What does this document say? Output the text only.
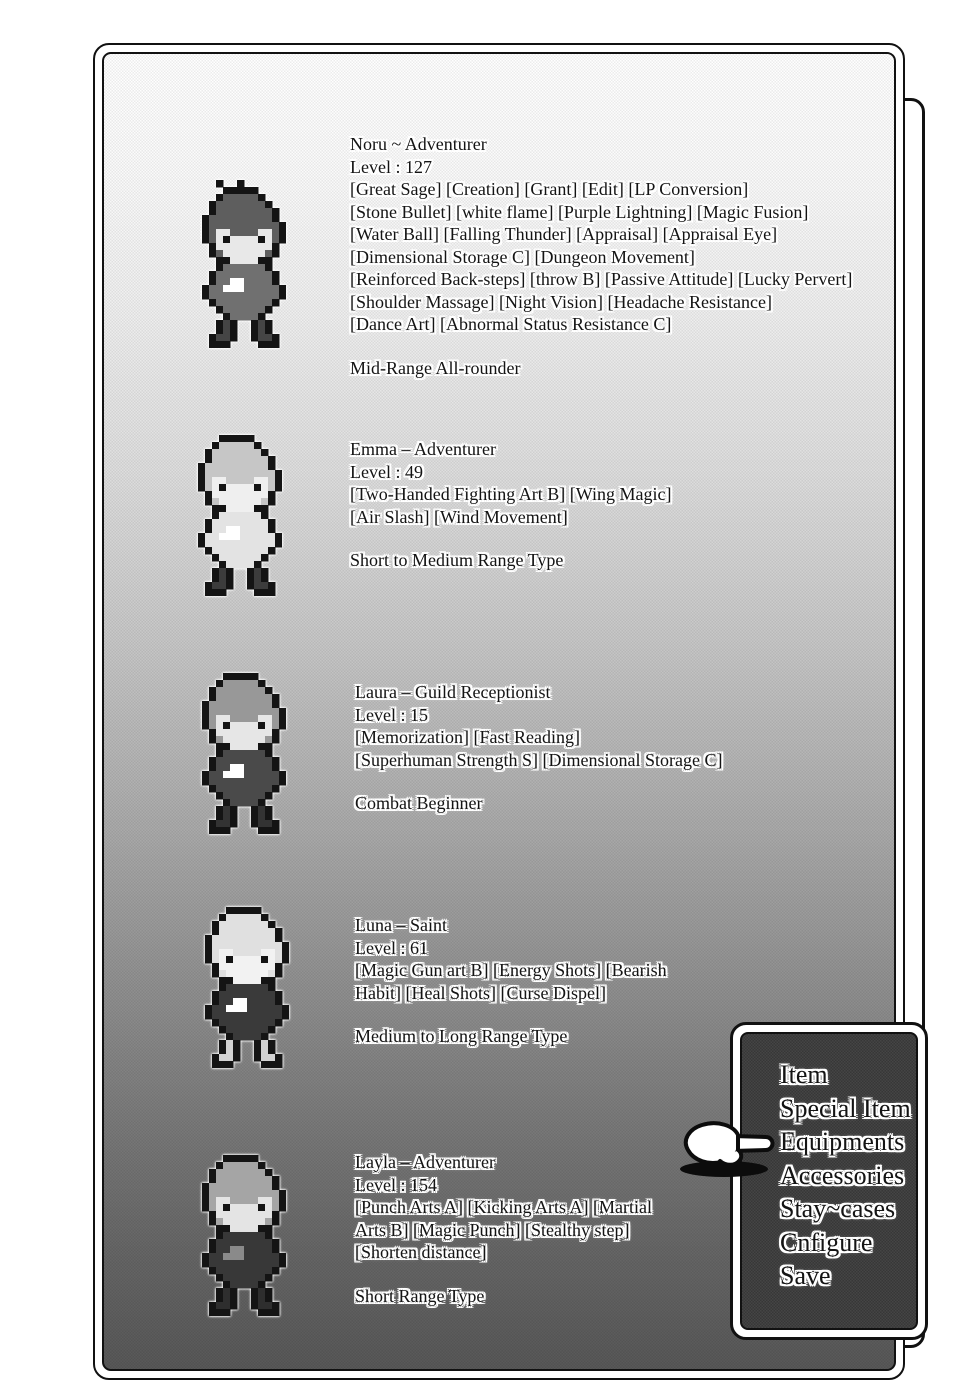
Noru ~ Adventurer
Level : 127
[Great Sage] [Creation] [Grant] [Edit] [LP Conversion]
[Stone Bullet] [white flame] [Purple Lightning] [Magic Fusion]
[Water Ball] [Falling Thunder] [Appraisal] [Appraisal Eye]
[Dimensional Storage C] [Dungeon Movement]
[Reinforced Back-steps] [throw B] [Passive Attitude] [Lucky Pervert]
[Shoulder Massage] [Night Vision] [Headache Resistance]
[Dance Art] [Abnormal Status Resistance C]
Mid-Range All-rounder
Emma – Adventurer
Level : 49
[Two-Handed Fighting Art B] [Wing Magic]
[Air Slash] [Wind Movement]
Short to Medium Range Type
Laura – Guild Receptionist
Level : 15
[Memorization] [Fast Reading]
[Superhuman Strength S] [Dimensional Storage C]
Combat Beginner
Luna – Saint
Level : 61
[Magic Gun art B] [Energy Shots] [Bearish
Habit] [Heal Shots] [Curse Dispel]
Medium to Long Range Type
Layla – Adventurer
Level : 154
[Punch Arts A] [Kicking Arts A] [Martial
Arts B] [Magic Punch] [Stealthy step]
[Shorten distance]
Short Range Type
Item
Special Item
Equipments
Accessories
Stay~cases
Cnfigure
Save
